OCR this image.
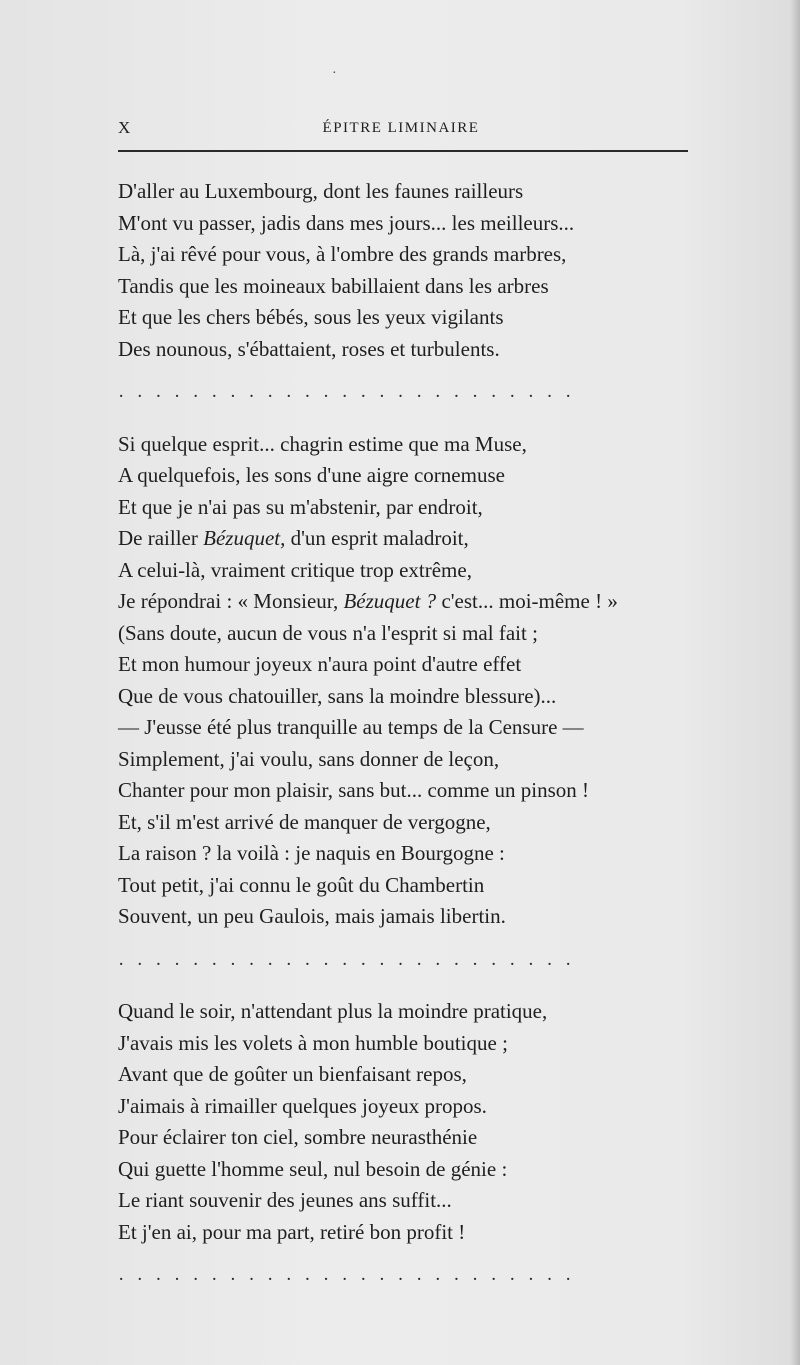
·
X	ÉPITRE LIMINAIRE
D'aller au Luxembourg, dont les faunes railleurs
M'ont vu passer, jadis dans mes jours... les meilleurs...
Là, j'ai rêvé pour vous, à l'ombre des grands marbres,
Tandis que les moineaux babillaient dans les arbres
Et que les chers bébés, sous les yeux vigilants
Des nounous, s'ébattaient, roses et turbulents.
·························
Si quelque esprit... chagrin estime que ma Muse,
A quelquefois, les sons d'une aigre cornemuse
Et que je n'ai pas su m'abstenir, par endroit,
De railler Bézuquet, d'un esprit maladroit,
A celui-là, vraiment critique trop extrême,
Je répondrai : « Monsieur, Bézuquet ? c'est... moi-même ! »
(Sans doute, aucun de vous n'a l'esprit si mal fait ;
Et mon humour joyeux n'aura point d'autre effet
Que de vous chatouiller, sans la moindre blessure)...
— J'eusse été plus tranquille au temps de la Censure —
Simplement, j'ai voulu, sans donner de leçon,
Chanter pour mon plaisir, sans but... comme un pinson !
Et, s'il m'est arrivé de manquer de vergogne,
La raison ? la voilà : je naquis en Bourgogne :
Tout petit, j'ai connu le goût du Chambertin
Souvent, un peu Gaulois, mais jamais libertin.
·························
Quand le soir, n'attendant plus la moindre pratique,
J'avais mis les volets à mon humble boutique ;
Avant que de goûter un bienfaisant repos,
J'aimais à rimailler quelques joyeux propos.
Pour éclairer ton ciel, sombre neurasthénie
Qui guette l'homme seul, nul besoin de génie :
Le riant souvenir des jeunes ans suffit...
Et j'en ai, pour ma part, retiré bon profit !
·························
